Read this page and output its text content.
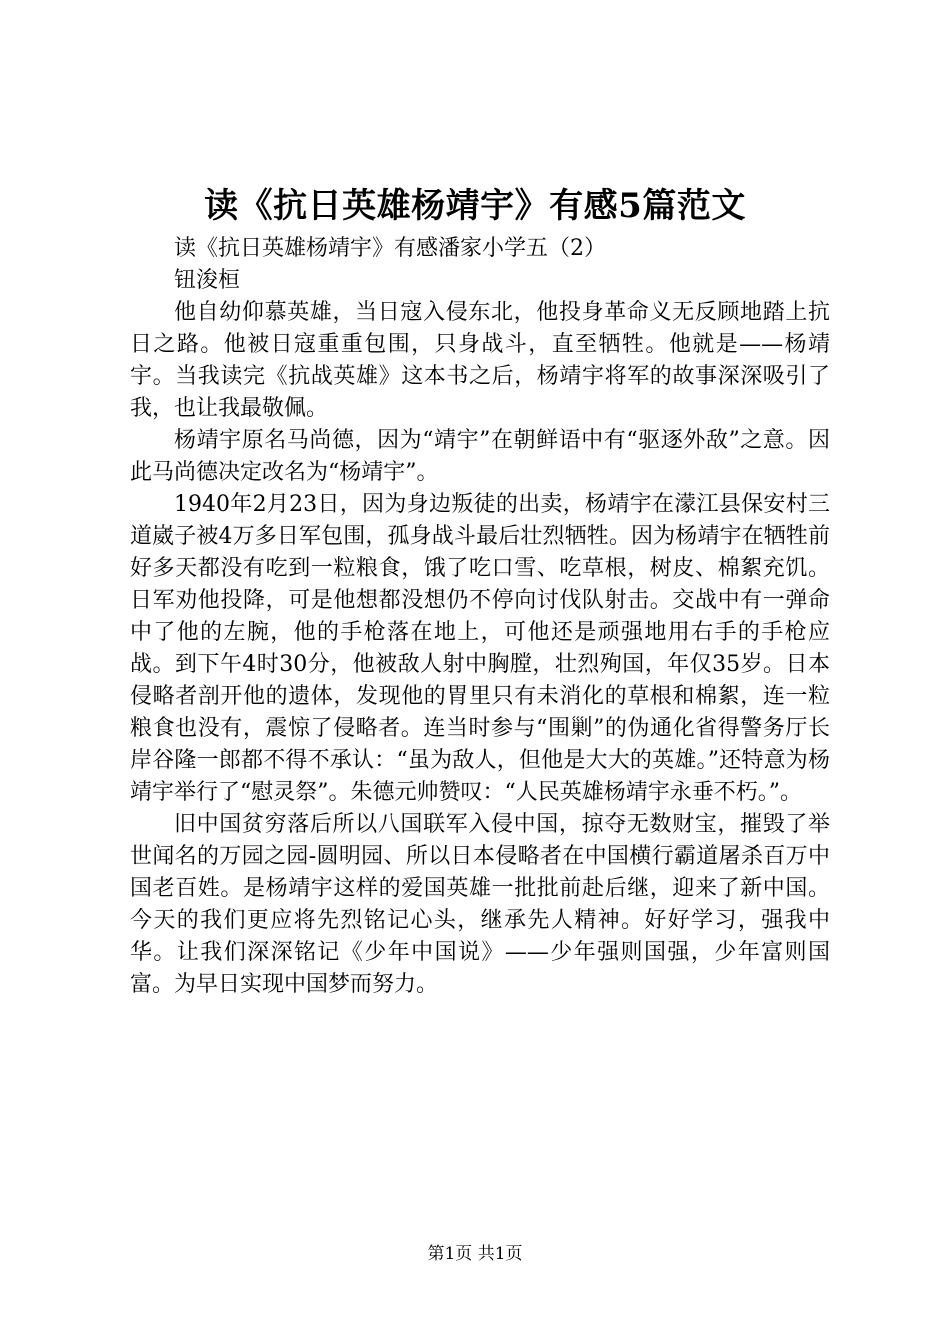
读《抗日英雄杨靖宇》有感5篇范文
读《抗日英雄杨靖宇》有感潘家小学五（2）
钮浚桓

他自幼仰慕英雄，当日寇入侵东北，他投身革命义无反顾地踏上抗日之路。他被日寇重重包围，只身战斗，直至牺牲。他就是——杨靖宇。当我读完《抗战英雄》这本书之后，杨靖宇将军的故事深深吸引了我，也让我最敬佩。

杨靖宇原名马尚德，因为“靖宇”在朝鲜语中有“驱逐外敌”之意。因此马尚德决定改名为“杨靖宇”。

1940年2月23日，因为身边叛徒的出卖，杨靖宇在濛江县保安村三道崴子被4万多日军包围，孤身战斗最后壮烈牺牲。因为杨靖宇在牺牲前好多天都没有吃到一粒粮食，饿了吃口雪、吃草根，树皮、棉絮充饥。日军劝他投降，可是他想都没想仍不停向讨伐队射击。交战中有一弹命中了他的左腕，他的手枪落在地上，可他还是顽强地用右手的手枪应战。到下午4时30分，他被敌人射中胸膛，壮烈殉国，年仅35岁。日本侵略者剖开他的遗体，发现他的胃里只有未消化的草根和棉絮，连一粒粮食也没有，震惊了侵略者。连当时参与“围剿”的伪通化省得警务厅长岸谷隆一郎都不得不承认：“虽为敌人，但他是大大的英雄。”还特意为杨靖宇举行了“慰灵祭”。朱德元帅赞叹：“人民英雄杨靖宇永垂不朽。”。

旧中国贫穷落后所以八国联军入侵中国，掠夺无数财宝，摧毁了举世闻名的万园之园-圆明园、所以日本侵略者在中国横行霸道屠杀百万中国老百姓。是杨靖宇这样的爱国英雄一批批前赴后继，迎来了新中国。今天的我们更应将先烈铭记心头，继承先人精神。好好学习，强我中华。让我们深深铭记《少年中国说》——少年强则国强，少年富则国富。为早日实现中国梦而努力。

第1页 共1页
